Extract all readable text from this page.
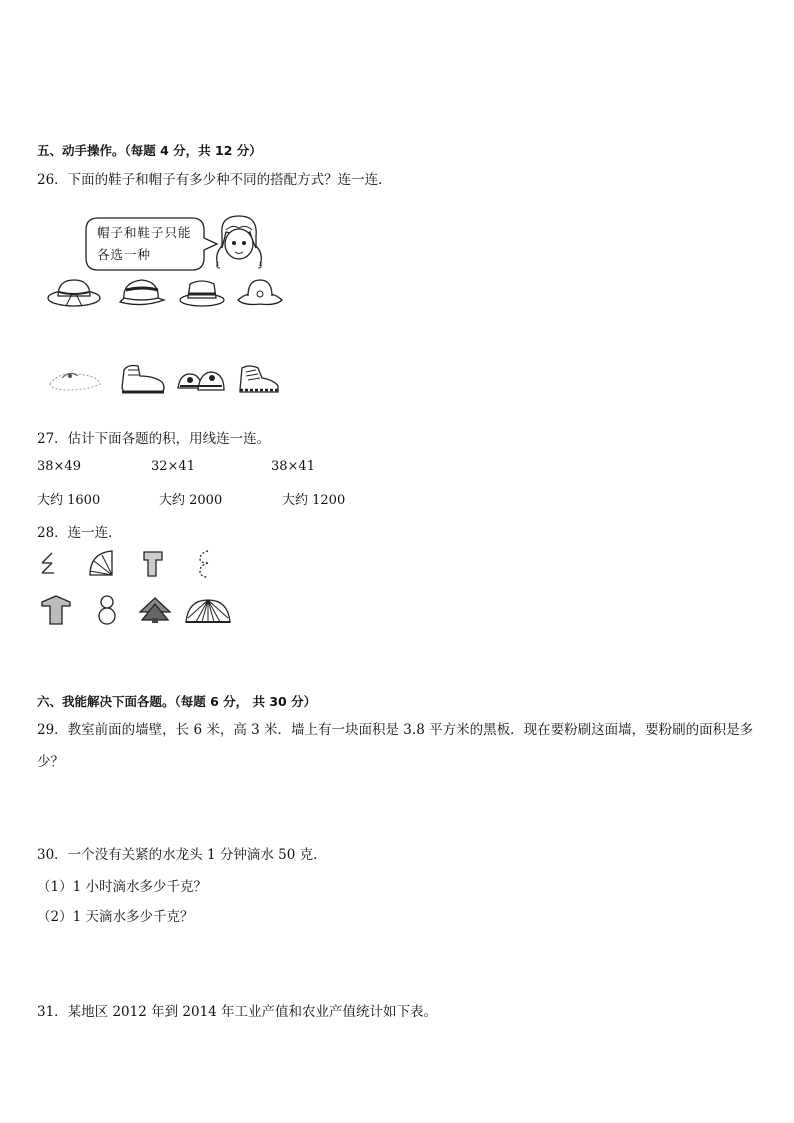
五、动手操作。（每题 4 分，共 12 分）
26．下面的鞋子和帽子有多少种不同的搭配方式？连一连．
帽子和鞋子只能
各选一种
27．估计下面各题的积，用线连一连。
38×49	32×41	38×41
大约 1600	大约 2000	大约 1200
28．连一连．
六、我能解决下面各题。（每题 6 分， 共 30 分）
29．教室前面的墙壁，长 6 米，高 3 米．墙上有一块面积是 3.8 平方米的黑板．现在要粉刷这面墙，要粉刷的面积是多
少？
30．一个没有关紧的水龙头 1 分钟滴水 50 克．
（1）1 小时滴水多少千克？
（2）1 天滴水多少千克？
31．某地区 2012 年到 2014 年工业产值和农业产值统计如下表。
